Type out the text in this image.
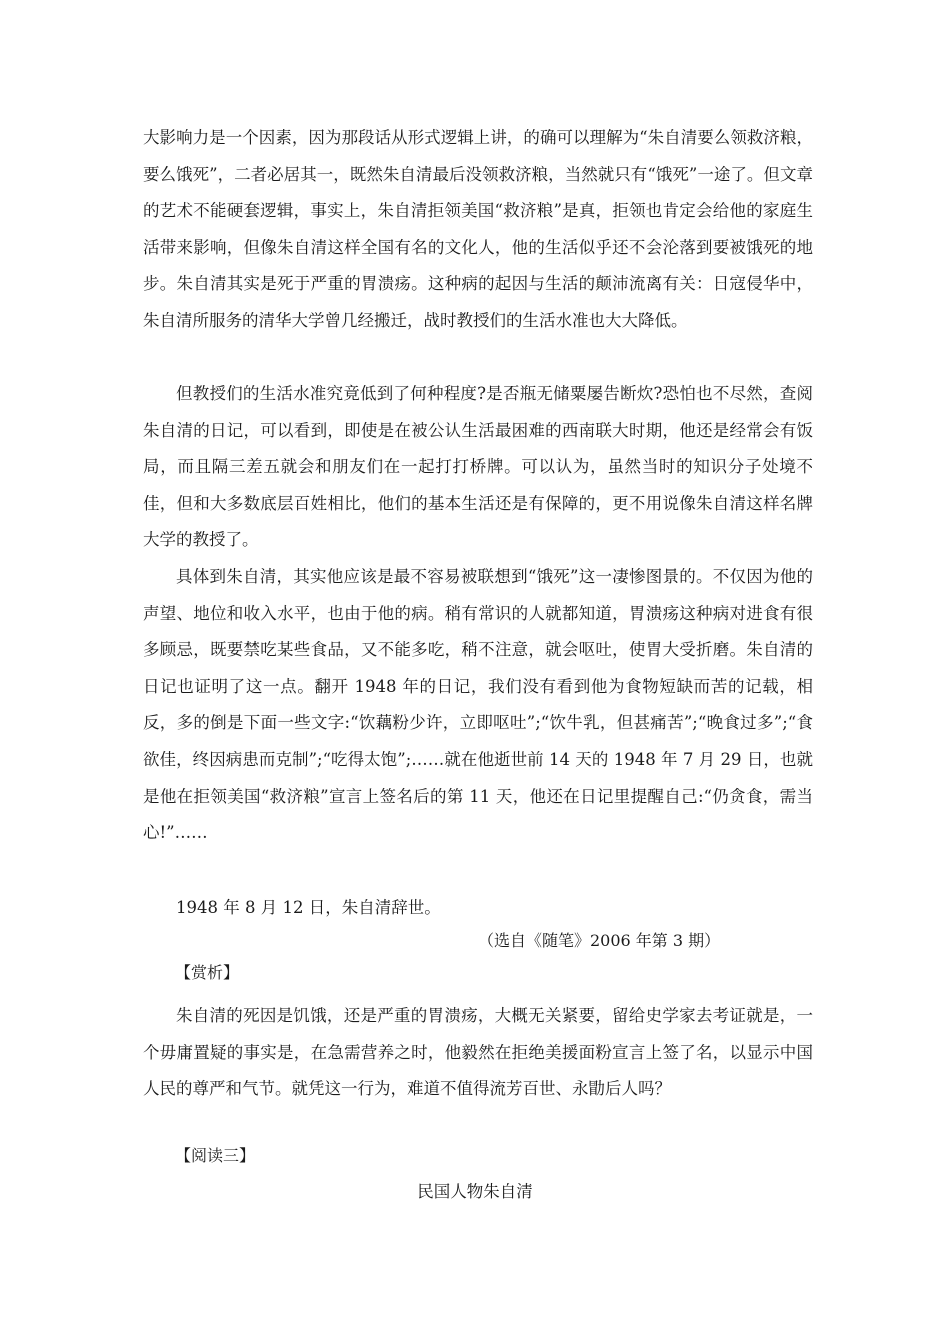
大影响力是一个因素，因为那段话从形式逻辑上讲，的确可以理解为“朱自清要么领救济粮，要么饿死”，二者必居其一，既然朱自清最后没领救济粮，当然就只有“饿死”一途了。但文章的艺术不能硬套逻辑，事实上，朱自清拒领美国“救济粮”是真，拒领也肯定会给他的家庭生活带来影响，但像朱自清这样全国有名的文化人，他的生活似乎还不会沦落到要被饿死的地步。朱自清其实是死于严重的胃溃疡。这种病的起因与生活的颠沛流离有关：日寇侵华中，朱自清所服务的清华大学曾几经搬迁，战时教授们的生活水准也大大降低。

但教授们的生活水准究竟低到了何种程度?是否瓶无储粟屡告断炊?恐怕也不尽然，查阅朱自清的日记，可以看到，即使是在被公认生活最困难的西南联大时期，他还是经常会有饭局，而且隔三差五就会和朋友们在一起打打桥牌。可以认为，虽然当时的知识分子处境不佳，但和大多数底层百姓相比，他们的基本生活还是有保障的，更不用说像朱自清这样名牌大学的教授了。

具体到朱自清，其实他应该是最不容易被联想到“饿死”这一凄惨图景的。不仅因为他的声望、地位和收入水平，也由于他的病。稍有常识的人就都知道，胃溃疡这种病对进食有很多顾忌，既要禁吃某些食品，又不能多吃，稍不注意，就会呕吐，使胃大受折磨。朱自清的日记也证明了这一点。翻开 1948 年的日记，我们没有看到他为食物短缺而苦的记载，相反，多的倒是下面一些文字:“饮藕粉少许，立即呕吐”;“饮牛乳，但甚痛苦”;“晚食过多”;“食欲佳，终因病患而克制”;“吃得太饱”;……就在他逝世前 14 天的 1948 年 7 月 29 日，也就是他在拒领美国“救济粮”宣言上签名后的第 11 天，他还在日记里提醒自己:“仍贪食，需当心!”……

1948 年 8 月 12 日，朱自清辞世。

（选自《随笔》2006 年第 3 期）

【赏析】

朱自清的死因是饥饿，还是严重的胃溃疡，大概无关紧要，留给史学家去考证就是，一个毋庸置疑的事实是，在急需营养之时，他毅然在拒绝美援面粉宣言上签了名，以显示中国人民的尊严和气节。就凭这一行为，难道不值得流芳百世、永勖后人吗？

【阅读三】

民国人物朱自清
